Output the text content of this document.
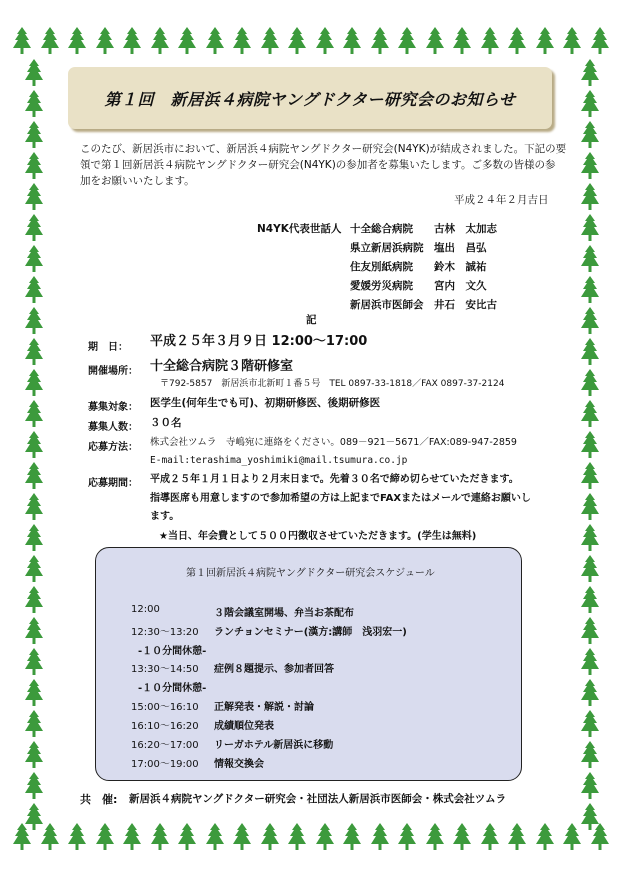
第１回　新居浜４病院ヤングドクター研究会のお知らせ
このたび、新居浜市において、新居浜４病院ヤングドクター研究会(N4YK)が結成されました。下記の要
領で第１回新居浜４病院ヤングドクター研究会(N4YK)の参加者を募集いたします。ご多数の皆様の参
加をお願いいたします。
平成２４年２月吉日
N4YK代表世話人 十全総合病院 古林　太加志
県立新居浜病院 塩出　昌弘
住友別紙病院 鈴木　誠祐
愛媛労災病院 宮内　文久
新居浜市医師会 井石　安比古
記
期　日： 平成２５年３月９日 12:00～17:00
開催場所： 十全総合病院３階研修室
〒792-5857　新居浜市北新町１番５号　TEL 0897-33-1818／FAX 0897-37-2124
募集対象： 医学生(何年生でも可)、初期研修医、後期研修医
募集人数： ３０名
応募方法： 株式会社ツムラ　寺嶋宛に連絡をください。089－921－5671／FAX:089-947-2859
E-mail:terashima_yoshimiki@mail.tsumura.co.jp
応募期間： 平成２５年１月１日より２月末日まで。先着３０名で締め切らせていただきます。
指導医席も用意しますので参加希望の方は上記までFAXまたはメールで連絡お願いし
ます。
★当日、年会費として５００円徴収させていただきます。(学生は無料)
第１回新居浜４病院ヤングドクター研究会スケジュール
12:00	３階会議室開場、弁当お茶配布
12:30～13:20 ランチョンセミナー(漢方:講師　浅羽宏一)
-１０分間休憩-
13:30～14:50 症例８題提示、参加者回答
-１０分間休憩-
15:00～16:10 正解発表・解説・討論
16:10～16:20 成績順位発表
16:20～17:00 リーガホテル新居浜に移動
17:00～19:00 情報交換会
共　催: 新居浜４病院ヤングドクター研究会・社団法人新居浜市医師会・株式会社ツムラ
